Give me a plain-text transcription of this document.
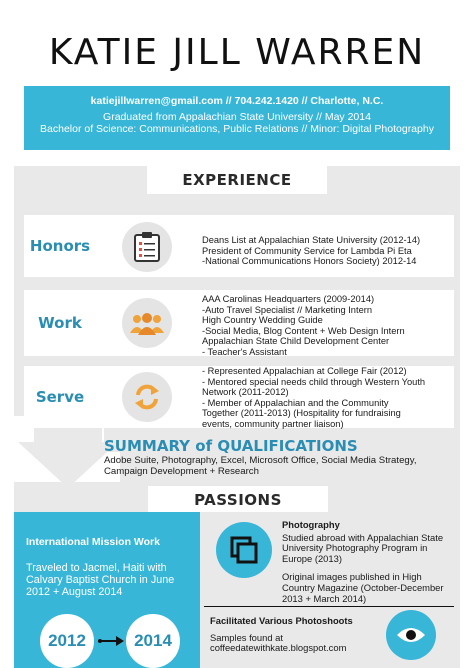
KATIE JILL WARREN
katiejillwarren@gmail.com // 704.242.1420 // Charlotte, N.C.
Graduated from Appalachian State University // May 2014
Bachelor of Science: Communications, Public Relations // Minor: Digital Photography
EXPERIENCE
Honors	Deans List at Appalachian State University (2012-14)
President of Community Service for Lambda Pi Eta
-National Communications Honors Society) 2012-14
Work
AAA Carolinas Headquarters (2009-2014)
-Auto Travel Specialist // Marketing Intern
High Country Wedding Guide
-Social Media, Blog Content + Web Design Intern
Appalachian State Child Development Center
- Teacher's Assistant
Serve
- Represented Appalachian at College Fair (2012)
- Mentored special needs child through Western Youth
Network (2011-2012)
- Member of Appalachian and the Community
Together (2011-2013) (Hospitality for fundraising
events, community partner liaison)
SUMMARY of QUALIFICATIONS
Adobe Suite, Photography, Excel, Microsoft Office, Social Media Strategy,
Campaign Development + Research
PASSIONS
International Mission Work
Traveled to Jacmel, Haiti with
Calvary Baptist Church in June
2012 + August 2014
2012	2014
Photography
Studied abroad with Appalachian State
University Photography Program in
Europe (2013)
Original images published in High
Country Magazine (October-December
2013 + March 2014)
Facilitated Various Photoshoots
Samples found at
coffeedatewithkate.blogspot.com
